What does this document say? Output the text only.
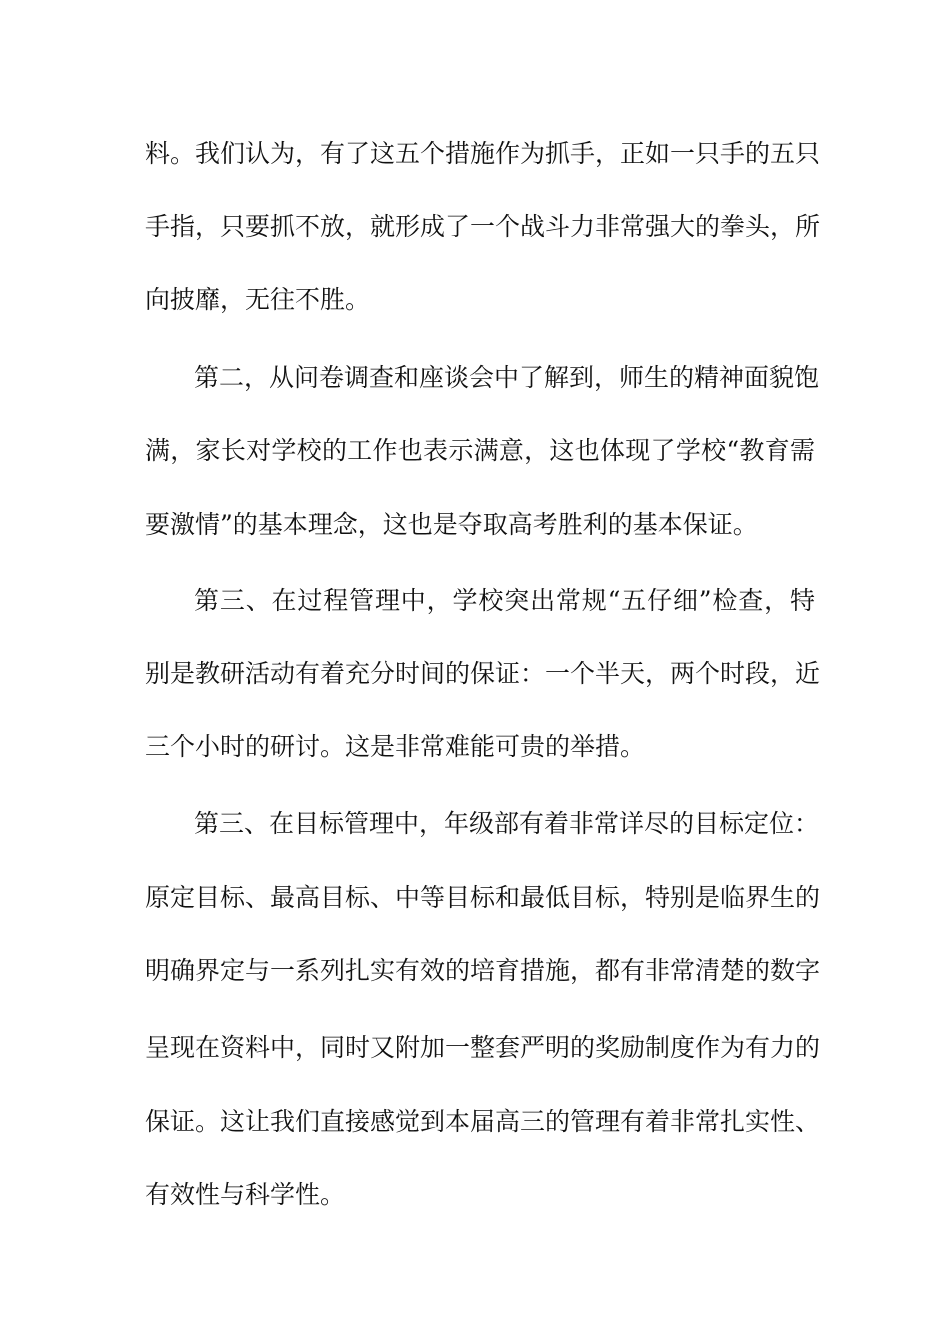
料。我们认为，有了这五个措施作为抓手，正如一只手的五只
手指，只要抓不放，就形成了一个战斗力非常强大的拳头，所
向披靡，无往不胜。
第二，从问卷调查和座谈会中了解到，师生的精神面貌饱
满，家长对学校的工作也表示满意，这也体现了学校“教育需
要激情”的基本理念，这也是夺取高考胜利的基本保证。
第三、在过程管理中，学校突出常规“五仔细”检查，特
别是教研活动有着充分时间的保证：一个半天，两个时段，近
三个小时的研讨。这是非常难能可贵的举措。
第三、在目标管理中，年级部有着非常详尽的目标定位：
原定目标、最高目标、中等目标和最低目标，特别是临界生的
明确界定与一系列扎实有效的培育措施，都有非常清楚的数字
呈现在资料中，同时又附加一整套严明的奖励制度作为有力的
保证。这让我们直接感觉到本届高三的管理有着非常扎实性、
有效性与科学性。
